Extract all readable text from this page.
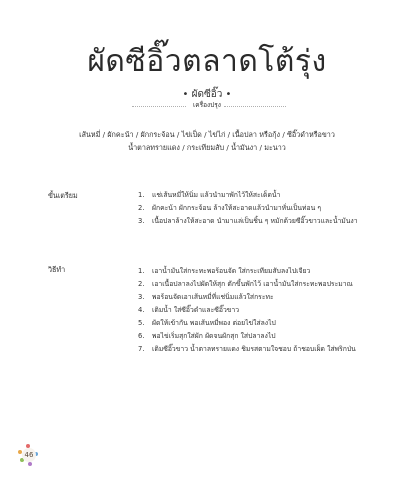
ผัดซีอิ๊วตลาดโต้รุ่ง
• ผัดซีอิ๊ว •
เครื่องปรุง
เส้นหมี่ / ผักคะน้า / ผักกระจ้อน / ไข่เป็ด / ไข่ไก่ / เนื้อปลา หรือกุ้ง / ซีอิ๊วดำหรือขาว
น้ำตาลทรายแดง / กระเทียมสับ / น้ำมันงา / มะนาว
ขั้นเตรียม	1.	แช่เส้นหมี่ให้นิ่ม แล้วนำมาพักไว้ให้สะเด็ดน้ำ
2.	ผักคะน้า ผักกระจ้อน ล้างให้สะอาดแล้วนำมาหั่นเป็นท่อน ๆ
3.	เนื้อปลาล้างให้สะอาด นำมาแล่เป็นชิ้น ๆ หมักด้วยซีอิ๊วขาวและน้ำมันงา
วิธีทำ	1.	เอาน้ำมันใส่กระทะพอร้อนจัด ใส่กระเทียมสับลงไปเจียว
2.	เอาเนื้อปลาลงไปผัดให้สุก ตักขึ้นพักไว้ เอาน้ำมันใส่กระทะพอประมาณ
3.	พอร้อนจัดเอาเส้นหมี่ที่แช่นิ่มแล้วใส่กระทะ
4.	เติมน้ำ ใส่ซีอิ๊วดำและซีอิ๊วขาว
5.	ผัดให้เข้ากัน พอเส้นหมี่พอง ต่อยไข่ใส่ลงไป
6.	พอไข่เริ่มสุกใส่ผัก ผัดจนผักสุก ใส่ปลาลงไป
7.	เติมซีอิ๊วขาว น้ำตาลทรายแดง ชิมรสตามใจชอบ ถ้าชอบเผ็ด ใส่พริกป่น
46
